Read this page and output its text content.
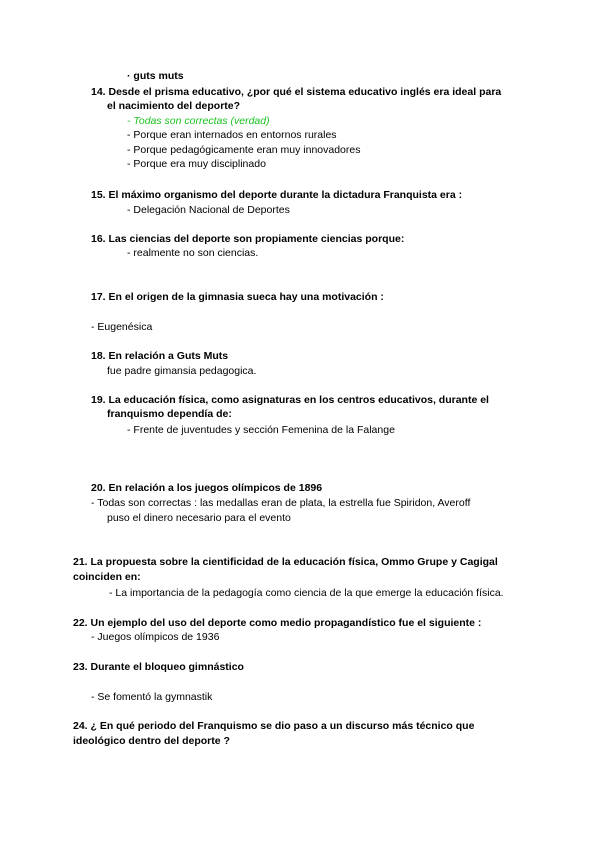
· guts muts
14. Desde el prisma educativo, ¿por qué el sistema educativo inglés era ideal para
el nacimiento del deporte?
- Todas son correctas (verdad)
- Porque eran internados en entornos rurales
- Porque pedagógicamente eran muy innovadores
- Porque era muy disciplinado
15. El máximo organismo del deporte durante la dictadura Franquista era :
- Delegación Nacional de Deportes
16. Las ciencias del deporte son propiamente ciencias porque:
- realmente no son ciencias.
17. En el origen de la gimnasia sueca hay una motivación :
- Eugenésica
18. En relación a Guts Muts
fue padre gimansia pedagogica.
19. La educación física, como asignaturas en los centros educativos, durante el
franquismo dependía de:
- Frente de juventudes y sección Femenina de la Falange
20. En relación a los juegos olímpicos de 1896
- Todas son correctas : las medallas eran de plata, la estrella fue Spiridon, Averoff
puso el dinero necesario para el evento
21. La propuesta sobre la cientificidad de la educación física, Ommo Grupe y Cagigal
coinciden en:
- La importancia de la pedagogía como ciencia de la que emerge la educación física.
22. Un ejemplo del uso del deporte como medio propagandístico fue el siguiente :
- Juegos olímpicos de 1936
23. Durante el bloqueo gimnástico
- Se fomentó la gymnastik
24. ¿ En qué periodo del Franquismo se dio paso a un discurso más técnico que
ideológico dentro del deporte ?
